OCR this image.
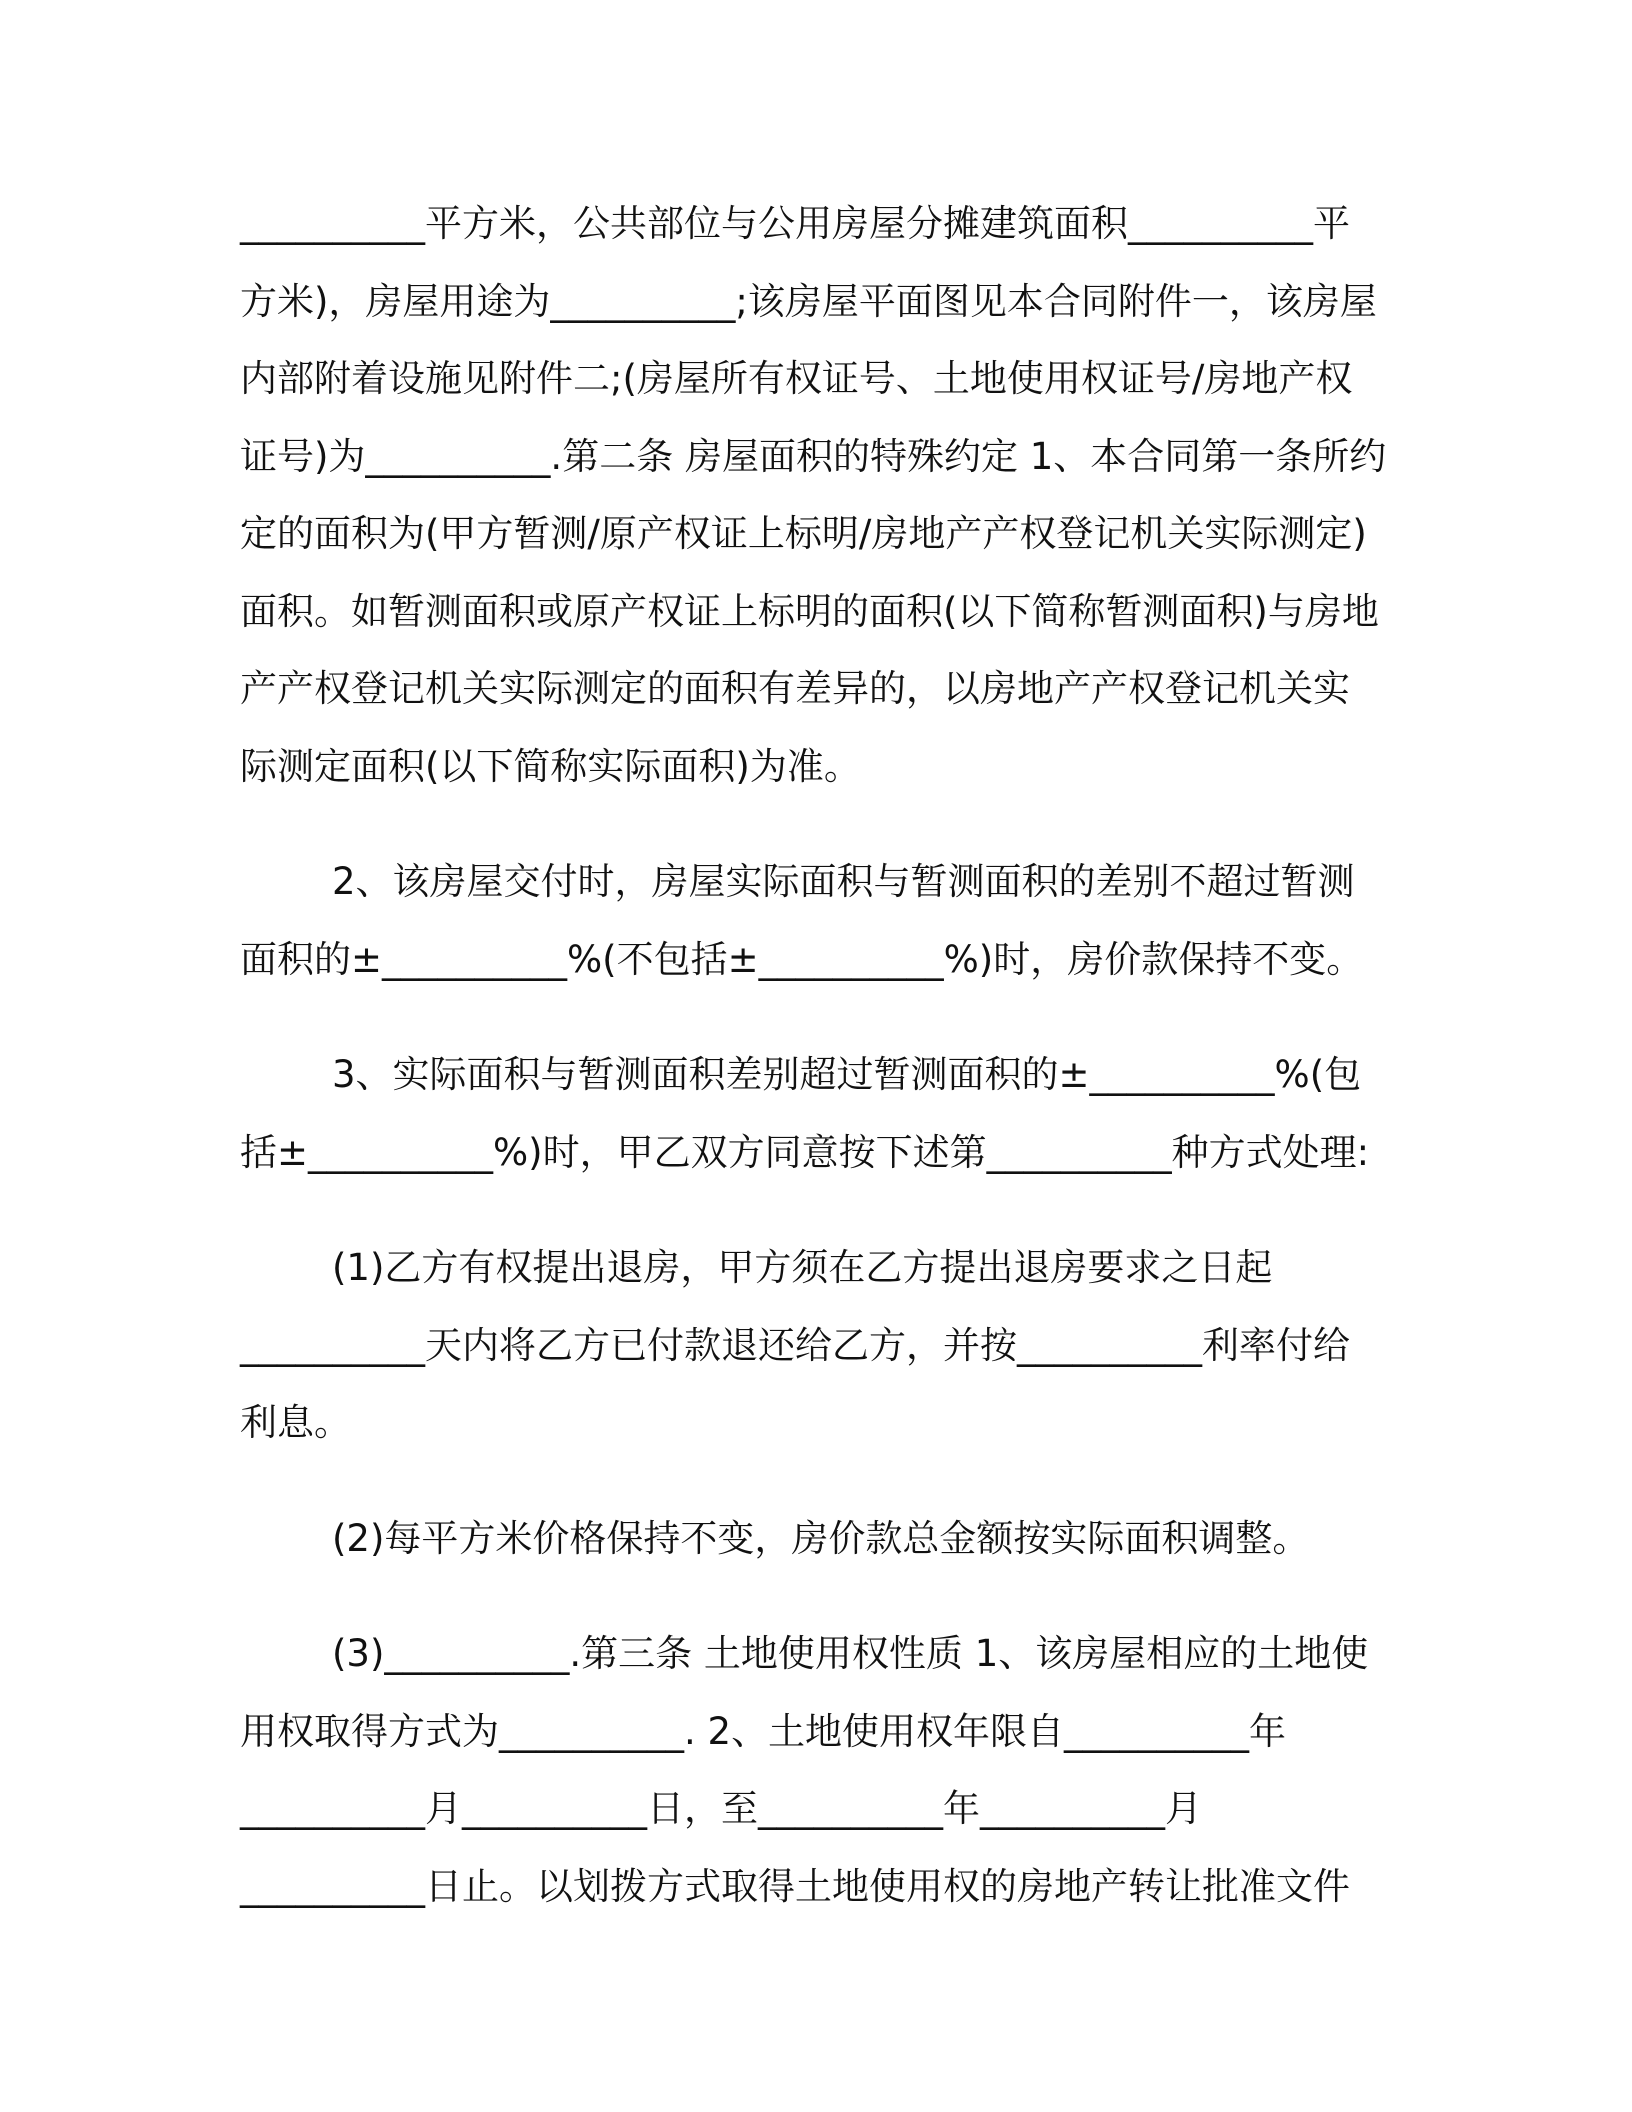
__________平方米，公共部位与公用房屋分摊建筑面积__________平
方米)，房屋用途为__________;该房屋平面图见本合同附件一，该房屋
内部附着设施见附件二;(房屋所有权证号、土地使用权证号/房地产权
证号)为__________.第二条 房屋面积的特殊约定 1、本合同第一条所约
定的面积为(甲方暂测/原产权证上标明/房地产产权登记机关实际测定)
面积。如暂测面积或原产权证上标明的面积(以下简称暂测面积)与房地
产产权登记机关实际测定的面积有差异的，以房地产产权登记机关实
际测定面积(以下简称实际面积)为准。

2、该房屋交付时，房屋实际面积与暂测面积的差别不超过暂测
面积的±__________%(不包括±__________%)时，房价款保持不变。

3、实际面积与暂测面积差别超过暂测面积的±__________%(包
括±__________%)时，甲乙双方同意按下述第__________种方式处理:

(1)乙方有权提出退房，甲方须在乙方提出退房要求之日起
__________天内将乙方已付款退还给乙方，并按__________利率付给
利息。

(2)每平方米价格保持不变，房价款总金额按实际面积调整。

(3)__________.第三条 土地使用权性质 1、该房屋相应的土地使
用权取得方式为__________. 2、土地使用权年限自__________年
__________月__________日，至__________年__________月
__________日止。以划拨方式取得土地使用权的房地产转让批准文件
